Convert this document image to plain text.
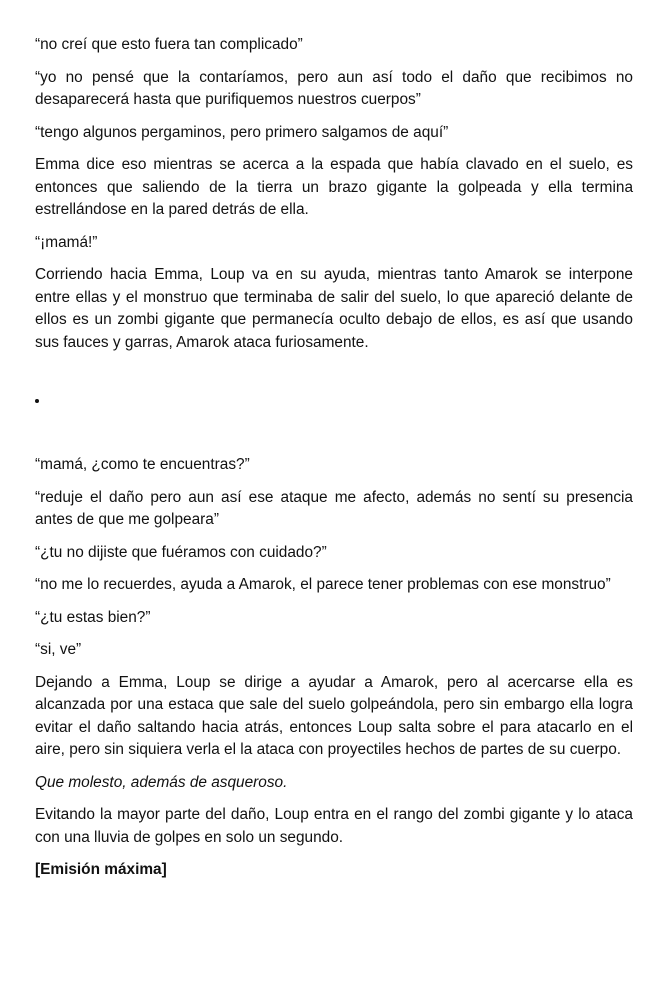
“no creí que esto fuera tan complicado”

“yo no pensé que la contaríamos, pero aun así todo el daño que recibimos no desaparecerá hasta que purifiquemos nuestros cuerpos”

“tengo algunos pergaminos, pero primero salgamos de aquí”

Emma dice eso mientras se acerca a la espada que había clavado en el suelo, es entonces que saliendo de la tierra un brazo gigante la golpeada y ella termina estrellándose en la pared detrás de ella.

“¡mamá!”

Corriendo hacia Emma, Loup va en su ayuda, mientras tanto Amarok se interpone entre ellas y el monstruo que terminaba de salir del suelo, lo que apareció delante de ellos es un zombi gigante que permanecía oculto debajo de ellos, es así que usando sus fauces y garras, Amarok ataca furiosamente.

“mamá, ¿como te encuentras?”

“reduje el daño pero aun así ese ataque me afecto, además no sentí su presencia antes de que me golpeara”

“¿tu no dijiste que fuéramos con cuidado?”

“no me lo recuerdes, ayuda a Amarok, el parece tener problemas con ese monstruo”

“¿tu estas bien?”

“si, ve”

Dejando a Emma, Loup se dirige a ayudar a Amarok, pero al acercarse ella es alcanzada por una estaca que sale del suelo golpeándola, pero sin embargo ella logra evitar el daño saltando hacia atrás, entonces Loup salta sobre el para atacarlo en el aire, pero sin siquiera verla el la ataca con proyectiles hechos de partes de su cuerpo.

Que molesto, además de asqueroso.

Evitando la mayor parte del daño, Loup entra en el rango del zombi gigante y lo ataca con una lluvia de golpes en solo un segundo.

[Emisión máxima]
